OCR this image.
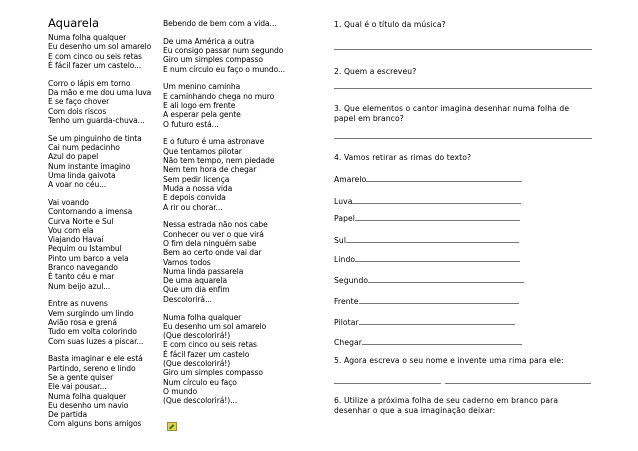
Aquarela
Numa folha qualquer
Eu desenho um sol amarelo
E com cinco ou seis retas
É fácil fazer um castelo...
Corro o lápis em torno
Da mão e me dou uma luva
E se faço chover
Com dois riscos
Tenho um guarda-chuva...
Se um pinguinho de tinta
Cai num pedacinho
Azul do papel
Num instante imagino
Uma linda gaivota
A voar no céu...
Vai voando
Contornando a imensa
Curva Norte e Sul
Vou com ela
Viajando Havaí
Pequim ou Istambul
Pinto um barco a vela
Branco navegando
É tanto céu e mar
Num beijo azul...
Entre as nuvens
Vem surgindo um lindo
Avião rosa e grená
Tudo em volta colorindo
Com suas luzes a piscar...
Basta imaginar e ele está
Partindo, sereno e lindo
Se a gente quiser
Ele vai pousar...
Numa folha qualquer
Eu desenho um navio
De partida
Com alguns bons amigos
Bebendo de bem com a vida...
De uma América a outra
Eu consigo passar num segundo
Giro um simples compasso
E num círculo eu faço o mundo...
Um menino caminha
E caminhando chega no muro
E ali logo em frente
A esperar pela gente
O futuro está...
E o futuro é uma astronave
Que tentamos pilotar
Não tem tempo, nem piedade
Nem tem hora de chegar
Sem pedir licença
Muda a nossa vida
E depois convida
A rir ou chorar...
Nessa estrada não nos cabe
Conhecer ou ver o que virá
O fim dela ninguém sabe
Bem ao certo onde vai dar
Vamos todos
Numa linda passarela
De uma aquarela
Que um dia enfim
Descolorirá...
Numa folha qualquer
Eu desenho um sol amarelo
(Que descolorirá!)
E com cinco ou seis retas
É fácil fazer um castelo
(Que descolorirá!)
Giro um simples compasso
Num círculo eu faço
O mundo
(Que descolorirá!)...
1. Qual é o título da música?
2. Quem a escreveu?
3. Que elementos o cantor imagina desenhar numa folha de
papel em branco?
4. Vamos retirar as rimas do texto?
Amarelo
Luva
Papel
Sul
Lindo
Segundo
Frente
Pilotar
Chegar
5. Agora escreva o seu nome e invente uma rima para ele:
6. Utilize a próxima folha de seu caderno em branco para
desenhar o que a sua imaginação deixar:
